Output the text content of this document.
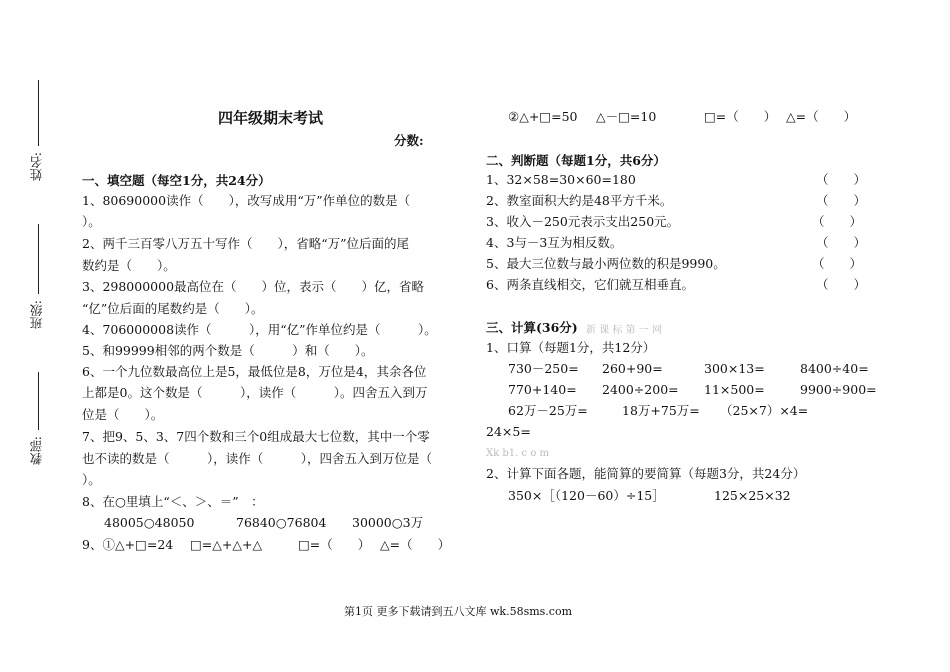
姓名:
班级:
教部:
四年级期末考试
分数:
一、填空题（每空1分，共24分）
1、80690000读作（　　），改写成用“万”作单位的数是（
）。
2、两千三百零八万五十写作（　　），省略“万”位后面的尾
数约是（　　）。
3、298000000最高位在（　　）位，表示（　　）亿，省略
“亿”位后面的尾数约是（　　）。
4、706000008读作（　　　），用“亿”作单位约是（　　　）。
5、和99999相邻的两个数是（　　　）和（　　）。
6、一个九位数最高位上是5，最低位是8，万位是4，其余各位
上都是0。这个数是（　　　），读作（　　　）。四舍五入到万
位是（　　）。
7、把9、5、3、7四个数和三个0组成最大七位数，其中一个零
也不读的数是（　　　），读作（　　　），四舍五入到万位是（
）。
8、在○里填上“＜、＞、＝”　：
48005○48050	76840○76804 30000○3万
9、①△+□=24 □=△+△+△	□=（　　） △=（　　）
②△+□=50 △－□=10	□=（　　） △=（　　）
二、判断题（每题1分，共6分）
1、32×58=30×60=180	（　　）
2、教室面积大约是48平方千米。	（　　）
3、收入－250元表示支出250元。	（　　）
4、3与－3互为相反数。	（　　）
5、最大三位数与最小两位数的积是9990。	（　　）
6、两条直线相交，它们就互相垂直。	（　　）
三、计算(36分) 新 课 标 第 一 网
1、口算（每题1分，共12分）
730－250= 260+90=	300×13=	8400÷40=
770+140= 2400÷200= 11×500=	9900÷900=
62万－25万=	18万+75万= （25×7）×4=
24×5=
Xk b1. c o m
2、计算下面各题，能简算的要简算（每题3分，共24分）
350×［（120－60）÷15］	125×25×32
第1页 更多下载请到五八文库 wk.58sms.com
